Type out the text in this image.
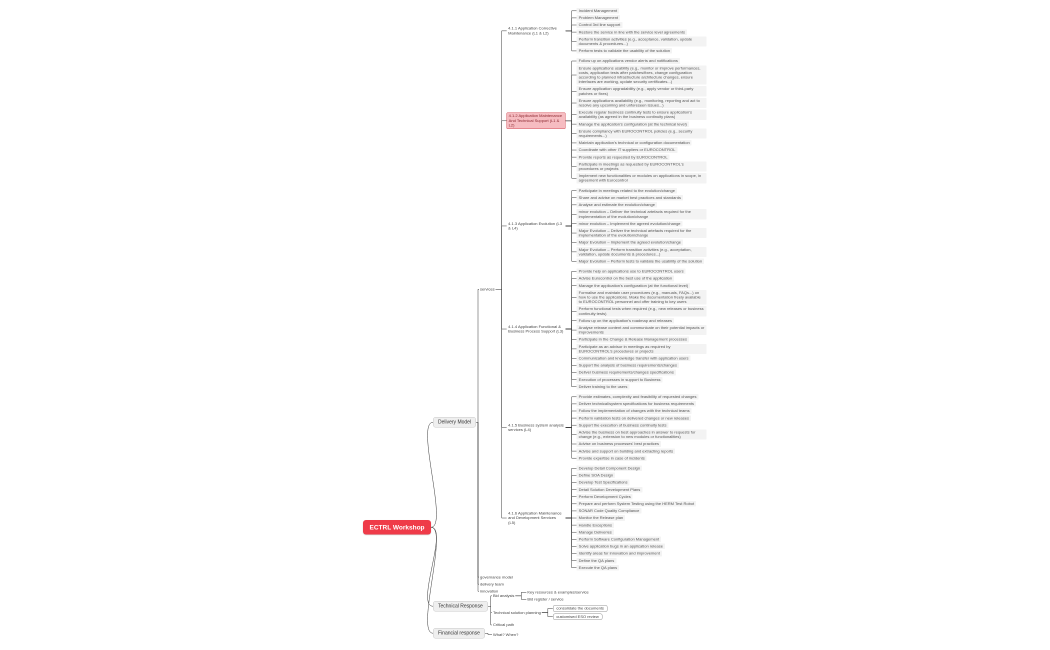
ECTRL Workshop
Delivery Model
services
4.1.1 Application Corrective Maintenance (L1 & L2)
Incident Management
Problem Management
Control 3rd line support
Restore the service in line with the service level agreements
Perform transition activities (e.g., acceptance, validation, update documents & procedures...)
Perform tests to validate the usability of the solution
4.1.2 Application Maintenance And Technical Support (L1 & L2)
Follow up on applications vendor alerts and notifications
Ensure applications usability (e.g., monitor or improve performances, costs, application tests after patches/fixes, change configuration according to planned infrastructure architecture changes, ensure interfaces are working, update security certificates...)
Ensure application upgradability (e.g., apply vendor or third-party patches or fixes)
Ensure applications availability (e.g., monitoring, reporting and act to resolve any upcoming and unforeseen issues...)
Execute regular business continuity tests to ensure application's availability (as agreed in the business continuity plans)
Manage the application's configuration (at the technical level)
Ensure compliancy with EUROCONTROL policies (e.g., security requirements...)
Maintain application's technical or configuration documentation
Coordinate with other IT suppliers or EUROCONTROL
Provide reports as requested by EUROCONTROL
Participate in meetings as requested by EUROCONTROL's procedures or projects
Implement new functionalities or modules on applications in scope, in agreement with Eurocontrol
4.1.3 Application Evolution (L3 & L4)
Participate in meetings related to the evolution/change
Share and advise on market best practices and standards
Analyse and estimate the evolution/change
minor evolution – Deliver the technical artefacts required for the implementation of the evolution/change
minor evolution – Implement the agreed evolution/change
Major Evolution – Deliver the technical artefacts required for the implementation of the evolution/change
Major Evolution – Implement the agreed evolution/change
Major Evolution – Perform transition activities (e.g., acceptation, validation, update documents & procedures...)
Major Evolution – Perform tests to validate the usability of the solution
4.1.4 Application Functional & Business Process Support (L3)
Provide help on applications use to EUROCONTROL users
Advise Eurocontrol on the best use of the application
Manage the application's configuration (at the functional level)
Formalise and maintain user procedures (e.g., manuals, FAQs...) on how to use the applications. Make the documentation freely available to EUROCONTROL personnel and offer training to key users
Perform functional tests when required (e.g., new releases or business continuity tests)
Follow up on the application's roadmap and releases
Analyse release content and communicate on their potential impacts or improvements
Participate in the Change & Release Management processes
Participate as an advisor in meetings as required by EUROCONTROL's procedures or projects
Communication and knowledge transfer with application users
Support the analysis of business requirements/changes
Deliver business requirements/changes specifications
Execution of processes in support to Business
Deliver training to the users
4.1.5 Business system analysis services (L4)
Provide estimates, complexity and feasibility of requested changes
Deliver technical/system specifications for business requirements
Follow the implementation of changes with the technical teams
Perform validation tests on delivered changes or new releases
Support the execution of business continuity tests
Advise the business on best approaches in answer to requests for change (e.g., extension to new modules or functionalities)
Advise on business processes' best practices
Advise and support on building and extracting reports
Provide expertise in case of incidents
4.1.6 Application Maintenance and Development Services (L5)
Develop Detail Component Design
Define SOA Design
Develop Test Specifications
Detail Solution Development Plans
Perform Development Cycles
Prepare and perform System Testing using the HERM Test Robot
SONAR Code Quality Compliance
Monitor the Release plan
Handle Exceptions
Manage Deliveries
Perform Software Configuration Management
Solve application bugs in an application release
Identify areas for innovation and improvement
Define the QA plans
Execute the QA plans
governance model
delivery team
innovation
Technical Response
Bid analysis
Key resources & examples/service
Bid register / service
Technical solution planning
consolidate the documents
customised ESO review
Critical path
Financial response	What? When?
